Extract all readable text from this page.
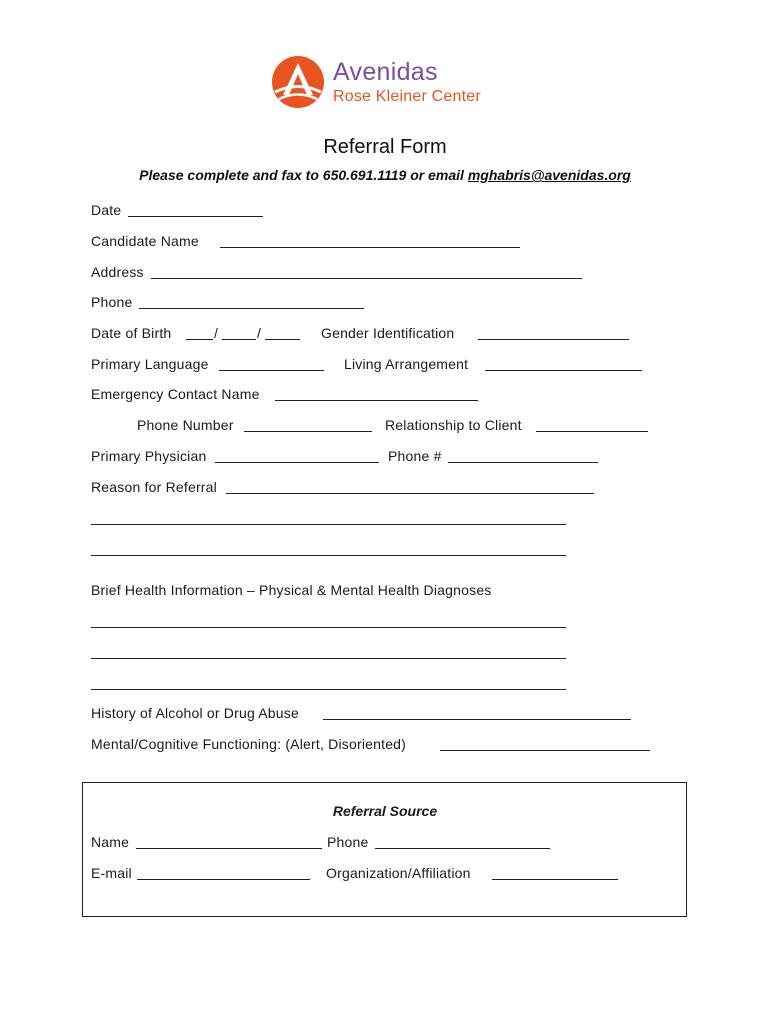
Avenidas
Rose Kleiner Center
Referral Form
Please complete and fax to 650.691.1119 or email mghabris@avenidas.org
Date
Candidate Name
Address
Phone
Date of Birth	/	/	Gender Identification
Primary Language	Living Arrangement
Emergency Contact Name
Phone Number	Relationship to Client
Primary Physician	Phone #
Reason for Referral
Brief Health Information – Physical & Mental Health Diagnoses
History of Alcohol or Drug Abuse
Mental/Cognitive Functioning: (Alert, Disoriented)
Referral Source
Name	Phone
E-mail	Organization/Affiliation
